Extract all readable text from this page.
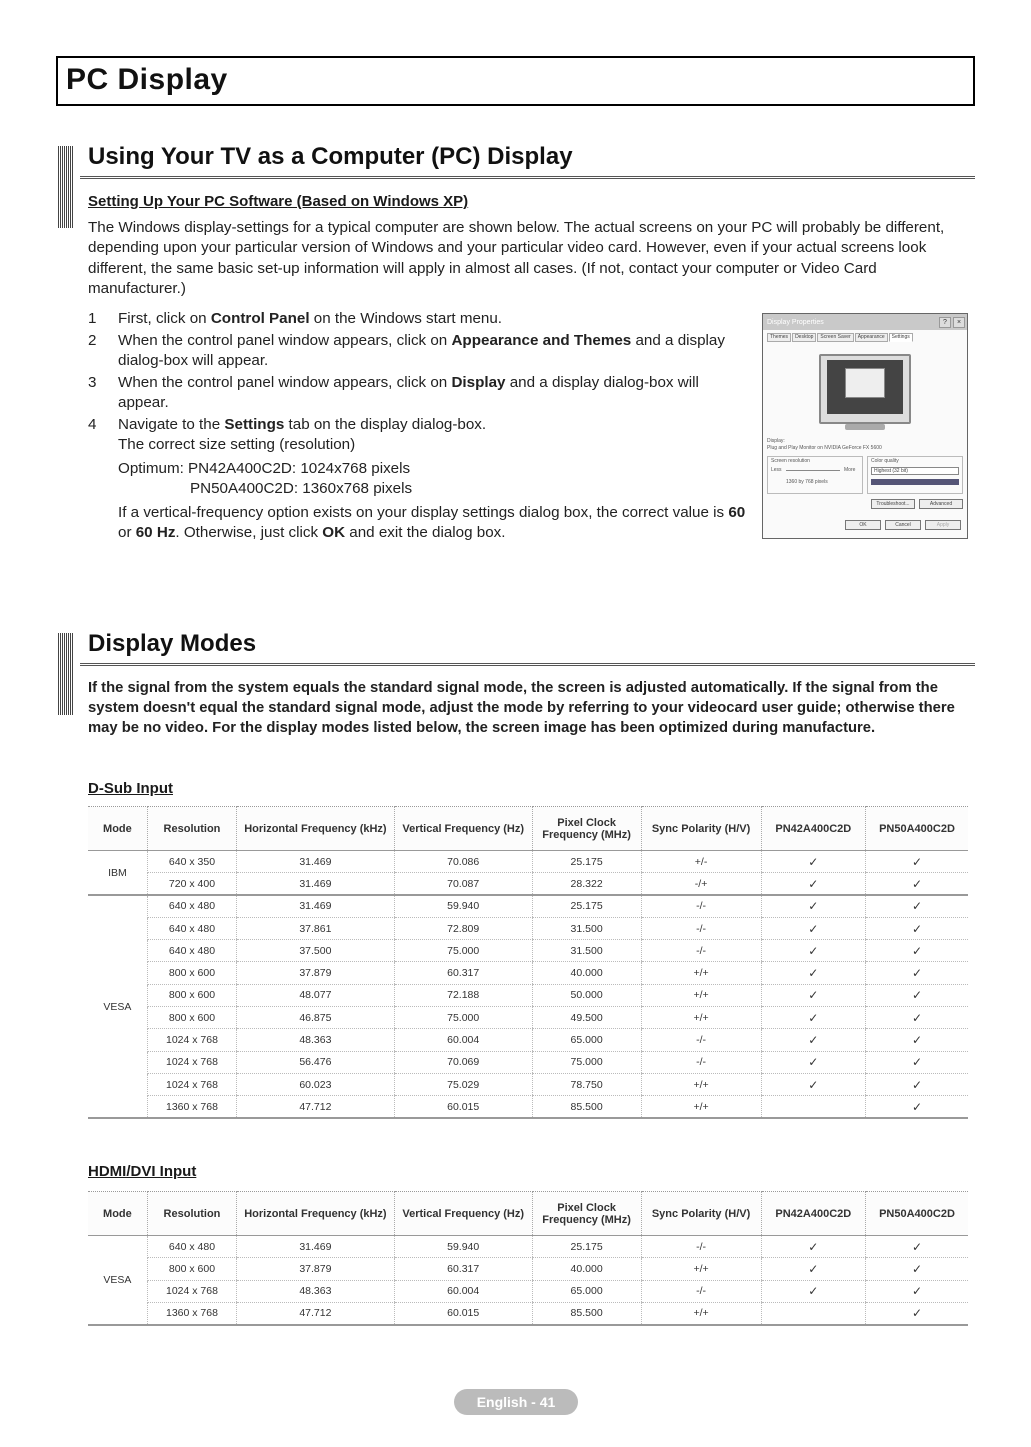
PC Display
Using Your TV as a Computer (PC) Display
Setting Up Your PC Software (Based on Windows XP)

The Windows display-settings for a typical computer are shown below. The actual screens on your PC will probably be different, depending upon your particular version of Windows and your particular video card. However, even if your actual screens look different, the same basic set-up information will apply in almost all cases. (If not, contact your computer or Video Card manufacturer.)

1	First, click on Control Panel on the Windows start menu.
2	When the control panel window appears, click on Appearance and Themes and a display dialog-box will appear.
3	When the control panel window appears, click on Display and a display dialog-box will appear.
4	Navigate to the Settings tab on the display dialog-box.
The correct size setting (resolution)
Optimum: PN42A400C2D: 1024x768 pixels
PN50A400C2D: 1360x768 pixels
If a vertical-frequency option exists on your display settings dialog box, the correct value is 60 or 60 Hz. Otherwise, just click OK and exit the dialog box.
Display Properties	?	×
Themes	Desktop	Screen Saver	Appearance	Settings
Display:
Plug and Play Monitor on NVIDIA GeForce FX 5600
Screen resolution
Less	More
1360 by 768 pixels
Color quality
Highest (32 bit)
Troubleshoot...	Advanced
OK	Cancel	Apply
Display Modes

If the signal from the system equals the standard signal mode, the screen is adjusted automatically. If the signal from the system doesn't equal the standard signal mode, adjust the mode by referring to your videocard user guide; otherwise there may be no video. For the display modes listed below, the screen image has been optimized during manufacture.

D-Sub Input
Mode	Resolution	Horizontal Frequency (kHz)	Vertical Frequency (Hz)	Pixel Clock Frequency (MHz)	Sync Polarity (H/V)	PN42A400C2D	PN50A400C2D
IBM	640 x 350	31.469	70.086	25.175	+/-	✓	✓
	720 x 400	31.469	70.087	28.322	-/+	✓	✓
VESA	640 x 480	31.469	59.940	25.175	-/-	✓	✓
	640 x 480	37.861	72.809	31.500	-/-	✓	✓
	640 x 480	37.500	75.000	31.500	-/-	✓	✓
	800 x 600	37.879	60.317	40.000	+/+	✓	✓
	800 x 600	48.077	72.188	50.000	+/+	✓	✓
	800 x 600	46.875	75.000	49.500	+/+	✓	✓
	1024 x 768	48.363	60.004	65.000	-/-	✓	✓
	1024 x 768	56.476	70.069	75.000	-/-	✓	✓
	1024 x 768	60.023	75.029	78.750	+/+	✓	✓
	1360 x 768	47.712	60.015	85.500	+/+		✓
HDMI/DVI Input
Mode	Resolution	Horizontal Frequency (kHz)	Vertical Frequency (Hz)	Pixel Clock Frequency (MHz)	Sync Polarity (H/V)	PN42A400C2D	PN50A400C2D
VESA	640 x 480	31.469	59.940	25.175	-/-	✓	✓
	800 x 600	37.879	60.317	40.000	+/+	✓	✓
	1024 x 768	48.363	60.004	65.000	-/-	✓	✓
	1360 x 768	47.712	60.015	85.500	+/+		✓
English - 41
